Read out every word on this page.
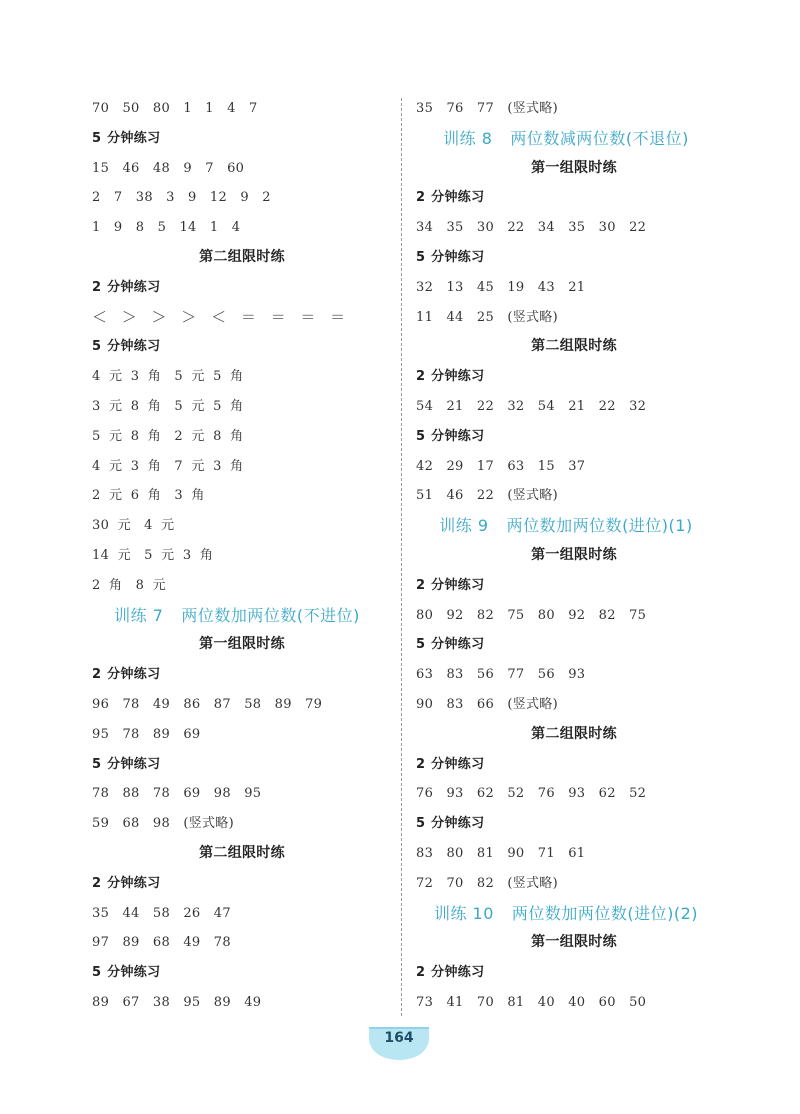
70　50　80　1　1　4　7
5 分钟练习
15　46　48　9　7　60
2　7　38　3　9　12　9　2
1　9　8　5　14　1　4
第二组限时练
2 分钟练习
＜ ＞ ＞ ＞ ＜ ＝ ＝ ＝ ＝
5 分钟练习
4 元 3 角　5 元 5 角
3 元 8 角　5 元 5 角
5 元 8 角　2 元 8 角
4 元 3 角　7 元 3 角
2 元 6 角　3 角
30 元　4 元
14 元　5 元 3 角
2 角　8 元
训练 7 两位数加两位数(不进位)
第一组限时练
2 分钟练习
96　78　49　86　87　58　89　79
95　78　89　69
5 分钟练习
78　88　78　69　98　95
59　68　98　(竖式略)
第二组限时练
2 分钟练习
35　44　58　26　47
97　89　68　49　78
5 分钟练习
89　67　38　95　89　49
35　76　77　(竖式略)
训练 8 两位数减两位数(不退位)
第一组限时练
2 分钟练习
34　35　30　22　34　35　30　22
5 分钟练习
32　13　45　19　43　21
11　44　25　(竖式略)
第二组限时练
2 分钟练习
54　21　22　32　54　21　22　32
5 分钟练习
42　29　17　63　15　37
51　46　22　(竖式略)
训练 9 两位数加两位数(进位)(1)
第一组限时练
2 分钟练习
80　92　82　75　80　92　82　75
5 分钟练习
63　83　56　77　56　93
90　83　66　(竖式略)
第二组限时练
2 分钟练习
76　93　62　52　76　93　62　52
5 分钟练习
83　80　81　90　71　61
72　70　82　(竖式略)
训练 10 两位数加两位数(进位)(2)
第一组限时练
2 分钟练习
73　41　70　81　40　40　60　50
164
